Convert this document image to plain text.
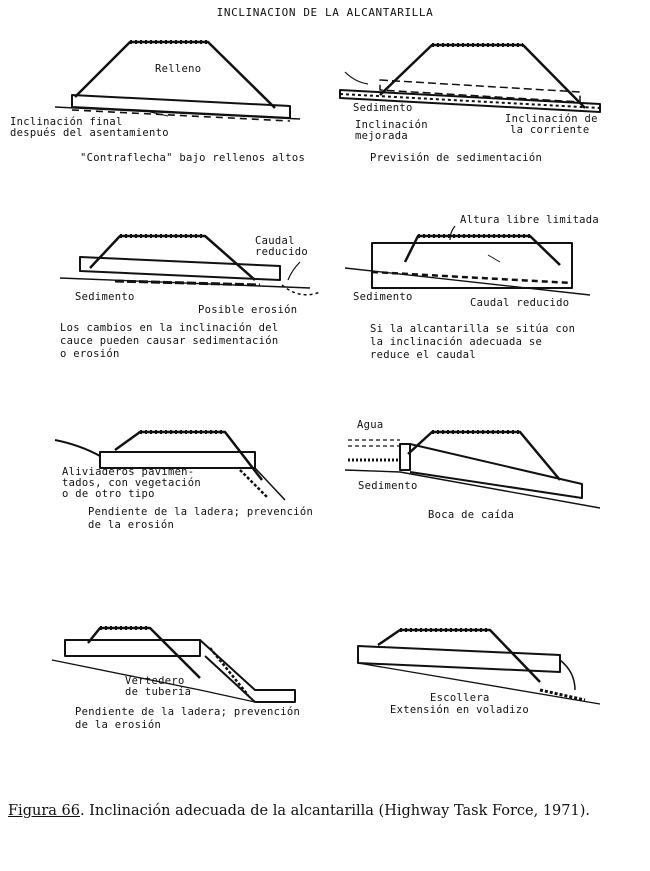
INCLINACION DE LA ALCANTARILLA
Relleno
Inclinación final
después del asentamiento
"Contraflecha" bajo rellenos altos
Sedimento
Inclinación
mejorada
Inclinación de
la corriente
Previsión de sedimentación
Caudal
reducido
Sedimento
Posible erosión
Los cambios en la inclinación del
cauce pueden causar sedimentación
o erosión
Altura libre limitada
Sedimento	Caudal reducido
Si la alcantarilla se sitúa con
la inclinación adecuada se
reduce el caudal
Aliviaderos pavimen-
tados, con vegetación
o de otro tipo
Pendiente de la ladera; prevención
de la erosión
Agua
Sedimento
Boca de caída
Vertedero
de tubería
Pendiente de la ladera; prevención
de la erosión
Escollera
Extensión en voladizo
Figura 66. Inclinación adecuada de la alcantarilla (Highway Task Force, 1971).
